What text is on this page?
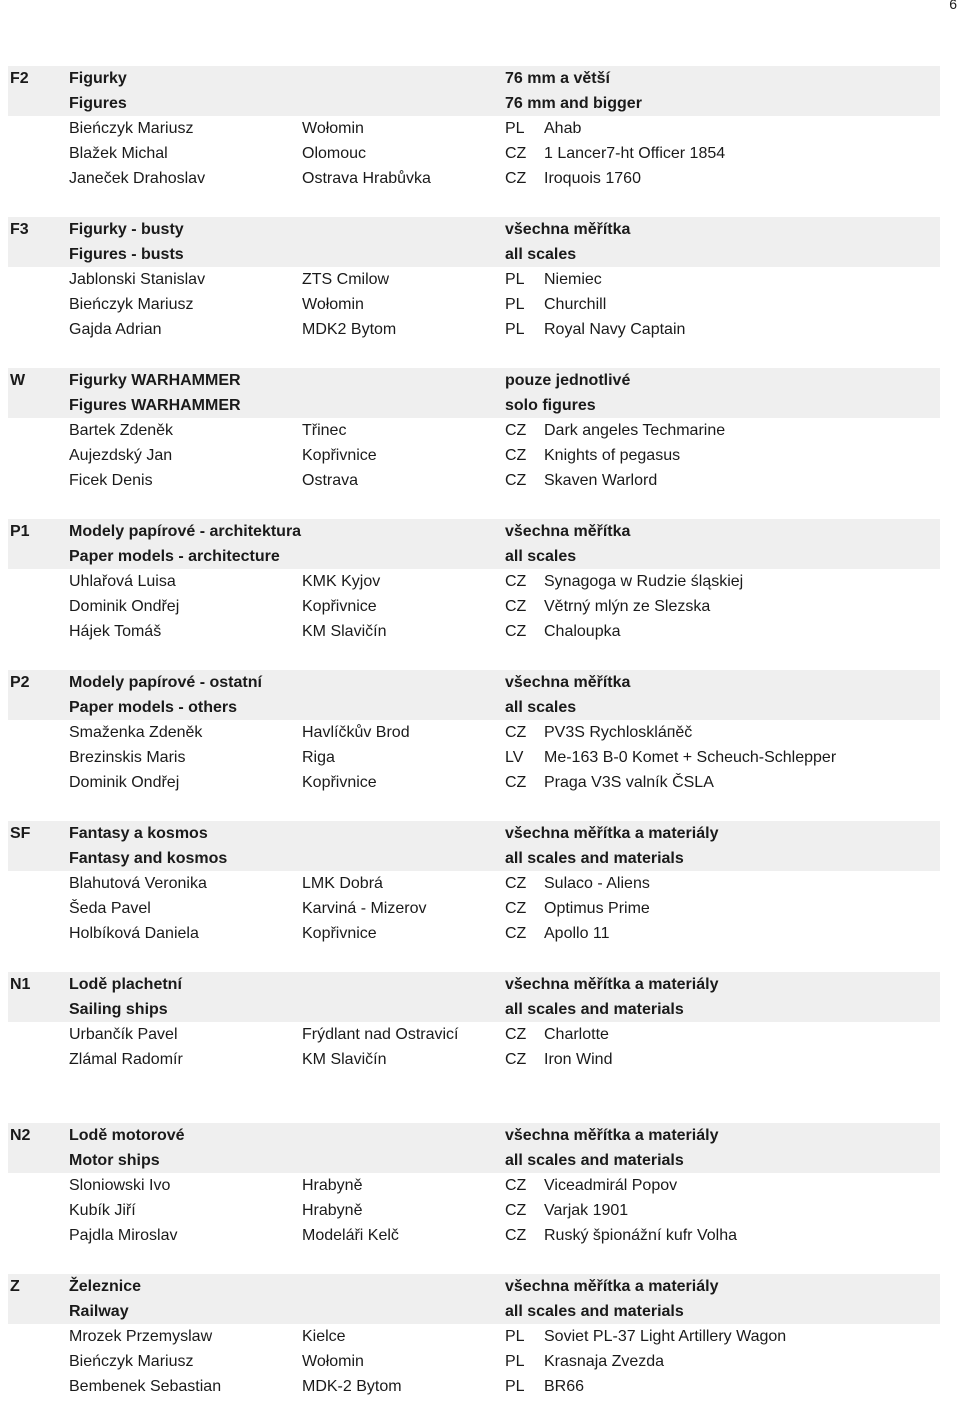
6
F2	Figurky	76 mm a větší
Figures	76 mm and bigger
Bieńczyk Mariusz	Wołomin	PL Ahab
Blažek Michal	Olomouc	CZ 1 Lancer7-ht Officer 1854
Janeček Drahoslav	Ostrava Hrabůvka	CZ Iroquois 1760
F3	Figurky - busty	všechna měřítka
Figures - busts	all scales
Jablonski Stanislav	ZTS Cmilow	PL Niemiec
Bieńczyk Mariusz	Wołomin	PL Churchill
Gajda Adrian	MDK2 Bytom	PL Royal Navy Captain
W	Figurky WARHAMMER	pouze jednotlivé
Figures WARHAMMER	solo figures
Bartek Zdeněk	Třinec	CZ Dark angeles Techmarine
Aujezdský Jan	Kopřivnice	CZ Knights of pegasus
Ficek Denis	Ostrava	CZ Skaven Warlord
P1 Modely papírové - architektura	všechna měřítka
Paper models - architecture	all scales
Uhlařová Luisa	KMK Kyjov	CZ Synagoga w Rudzie śląskiej
Dominik Ondřej	Kopřivnice	CZ Větrný mlýn ze Slezska
Hájek Tomáš	KM Slavičín	CZ Chaloupka
P2 Modely papírové - ostatní	všechna měřítka
Paper models - others	all scales
Smaženka Zdeněk	Havlíčkův Brod	CZ PV3S Rychloskláпěč
Brezinskis Maris	Riga	LV Me-163 B-0 Komet + Scheuch-Schlepper
Dominik Ondřej	Kopřivnice	CZ Praga V3S valník ČSLA
SF Fantasy a kosmos	všechna měřítka a materiály
Fantasy and kosmos	all scales and materials
Blahutová Veronika	LMK Dobrá	CZ Sulaco - Aliens
Šeda Pavel	Karviná - Mizerov	CZ Optimus Prime
Holbíková Daniela	Kopřivnice	CZ Apollo 11
N1 Lodě plachetní	všechna měřítka a materiály
Sailing ships	all scales and materials
Urbančík Pavel	Frýdlant nad Ostravicí	CZ Charlotte
Zlámal Radomír	KM Slavičín	CZ Iron Wind
N2 Lodě motorové	všechna měřítka a materiály
Motor ships	all scales and materials
Sloniowski Ivo	Hrabyně	CZ Viceadmirál Popov
Kubík Jiří	Hrabyně	CZ Varjak 1901
Pajdla Miroslav	Modeláři Kelč	CZ Ruský špionážní kufr Volha
Z	Železnice	všechna měřítka a materiály
Railway	all scales and materials
Mrozek Przemyslaw	Kielce	PL Soviet PL-37 Light Artillery Wagon
Bieńczyk Mariusz	Wołomin	PL Krasnaja Zvezda
Bembenek Sebastian	MDK-2 Bytom	PL BR66
